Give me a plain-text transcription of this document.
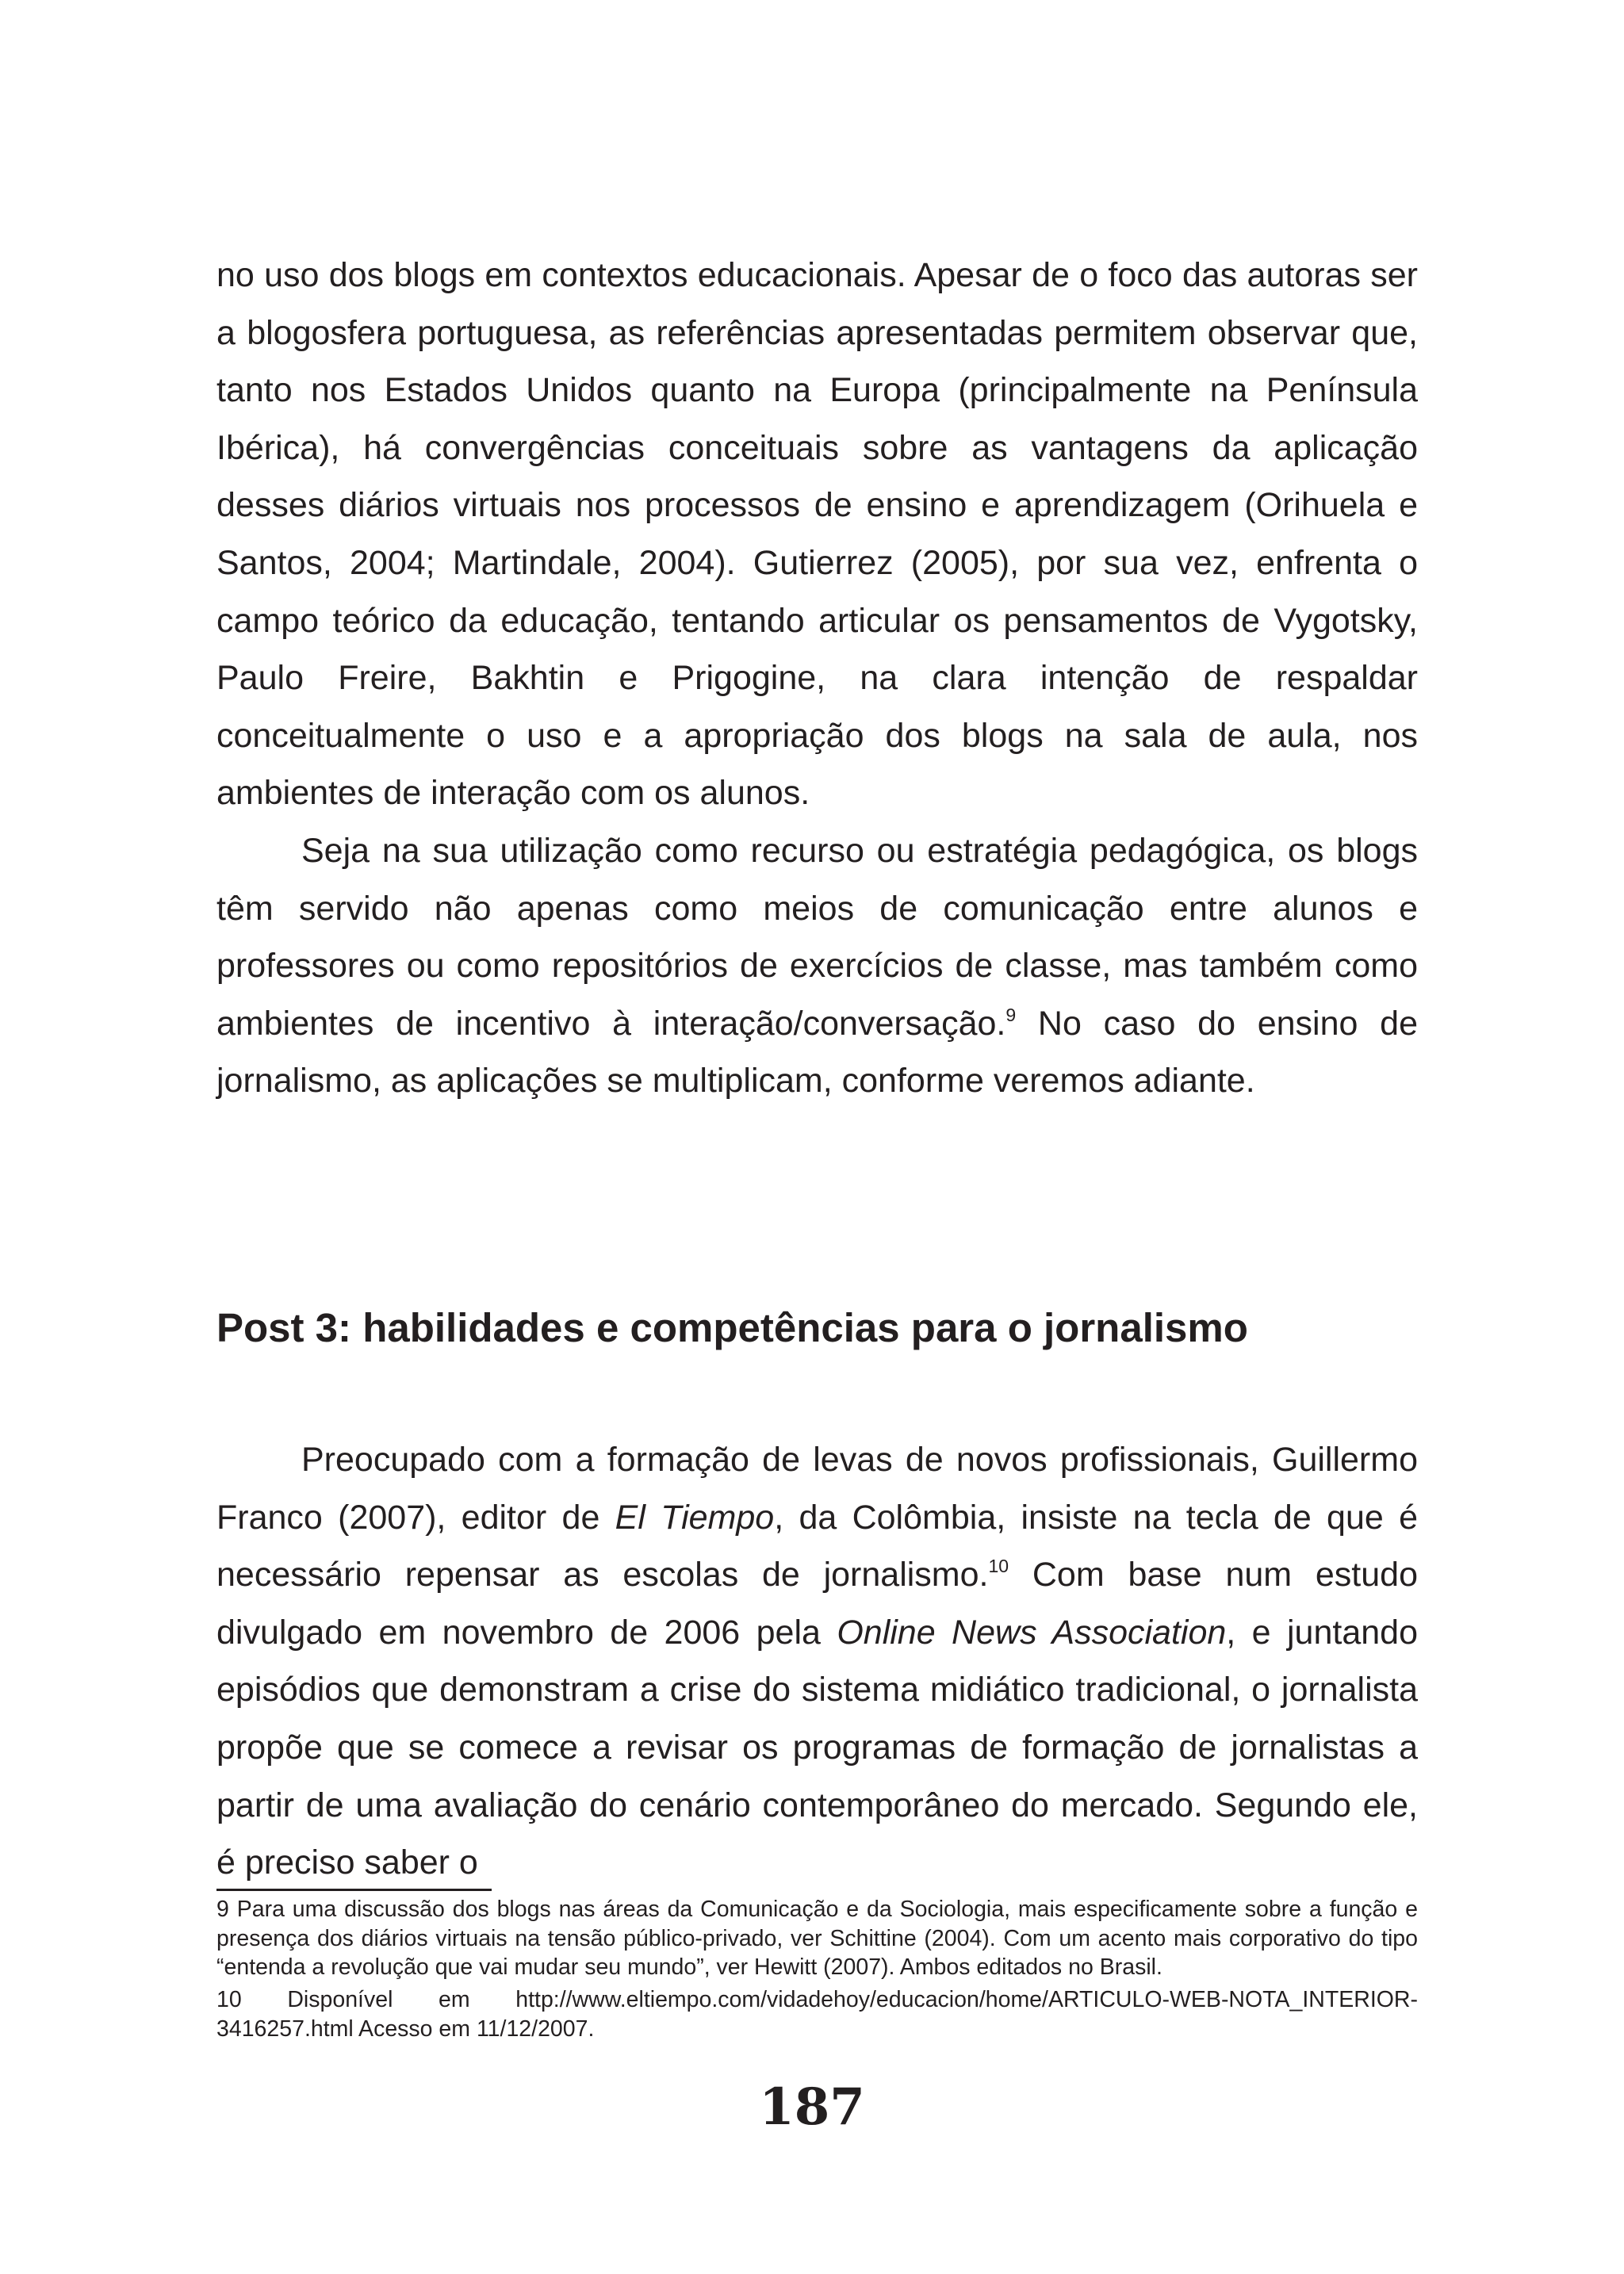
no uso dos blogs em contextos educacionais. Apesar de o foco das autoras ser a blogosfera portuguesa, as referências apresentadas permitem observar que, tanto nos Estados Unidos quanto na Europa (principalmente na Península Ibérica), há convergências conceituais sobre as vantagens da aplicação desses diários virtuais nos processos de ensino e aprendizagem (Orihuela e Santos, 2004; Martindale, 2004). Gutierrez (2005), por sua vez, enfrenta o campo teórico da educação, tentando articular os pensamentos de Vygotsky, Paulo Freire, Bakhtin e Prigogine, na clara intenção de respaldar conceitualmente o uso e a apropriação dos blogs na sala de aula, nos ambientes de interação com os alunos.

Seja na sua utilização como recurso ou estratégia pedagógica, os blogs têm servido não apenas como meios de comunicação entre alunos e professores ou como repositórios de exercícios de classe, mas também como ambientes de incentivo à interação/conversação.$^9$ No caso do ensino de jornalismo, as aplicações se multiplicam, conforme veremos adiante.

Post 3: habilidades e competências para o jornalismo

Preocupado com a formação de levas de novos profissionais, Guillermo Franco (2007), editor de El Tiempo, da Colômbia, insiste na tecla de que é necessário repensar as escolas de jornalismo.$^{10}$ Com base num estudo divulgado em novembro de 2006 pela Online News Association, e juntando episódios que demonstram a crise do sistema midiático tradicional, o jornalista propõe que se comece a revisar os programas de formação de jornalistas a partir de uma avaliação do cenário contemporâneo do mercado. Segundo ele, é preciso saber o

9 Para uma discussão dos blogs nas áreas da Comunicação e da Sociologia, mais especificamente sobre a função e presença dos diários virtuais na tensão público-privado, ver Schittine (2004). Com um acento mais corporativo do tipo “entenda a revolução que vai mudar seu mundo”, ver Hewitt (2007). Ambos editados no Brasil.

10 Disponível em http://www.eltiempo.com/vidadehoy/educacion/home/ARTICULO-WEB-NOTA_INTERIOR-3416257.html Acesso em 11/12/2007.

187
